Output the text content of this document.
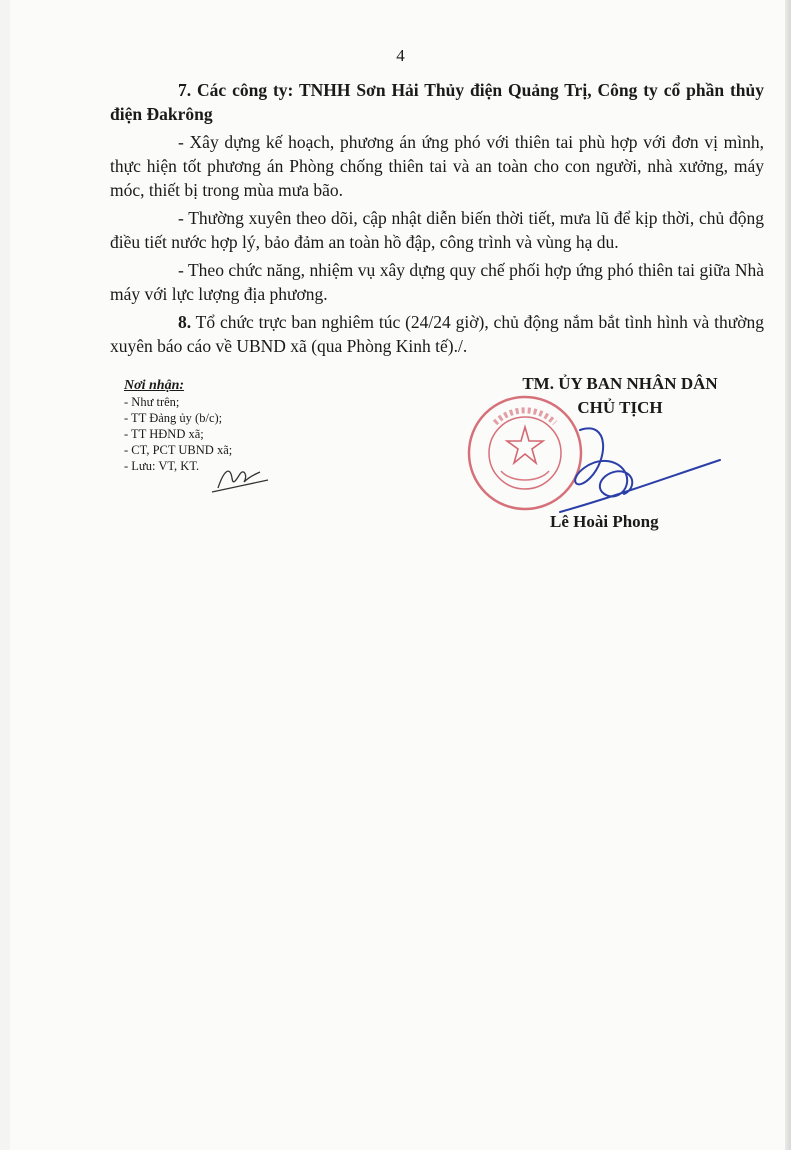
4
7. Các công ty: TNHH Sơn Hải Thủy điện Quảng Trị, Công ty cổ phần thủy điện Đakrông
- Xây dựng kế hoạch, phương án ứng phó với thiên tai phù hợp với đơn vị mình, thực hiện tốt phương án Phòng chống thiên tai và an toàn cho con người, nhà xưởng, máy móc, thiết bị trong mùa mưa bão.
- Thường xuyên theo dõi, cập nhật diễn biến thời tiết, mưa lũ để kịp thời, chủ động điều tiết nước hợp lý, bảo đảm an toàn hồ đập, công trình và vùng hạ du.
- Theo chức năng, nhiệm vụ xây dựng quy chế phối hợp ứng phó thiên tai giữa Nhà máy với lực lượng địa phương.
8. Tổ chức trực ban nghiêm túc (24/24 giờ), chủ động nắm bắt tình hình và thường xuyên báo cáo về UBND xã (qua Phòng Kinh tế)./.
Nơi nhận:
- Như trên;
- TT Đảng ủy (b/c);
- TT HĐND xã;
- CT, PCT UBND xã;
- Lưu: VT, KT.
TM. ỦY BAN NHÂN DÂN
CHỦ TỊCH
Lê Hoài Phong
